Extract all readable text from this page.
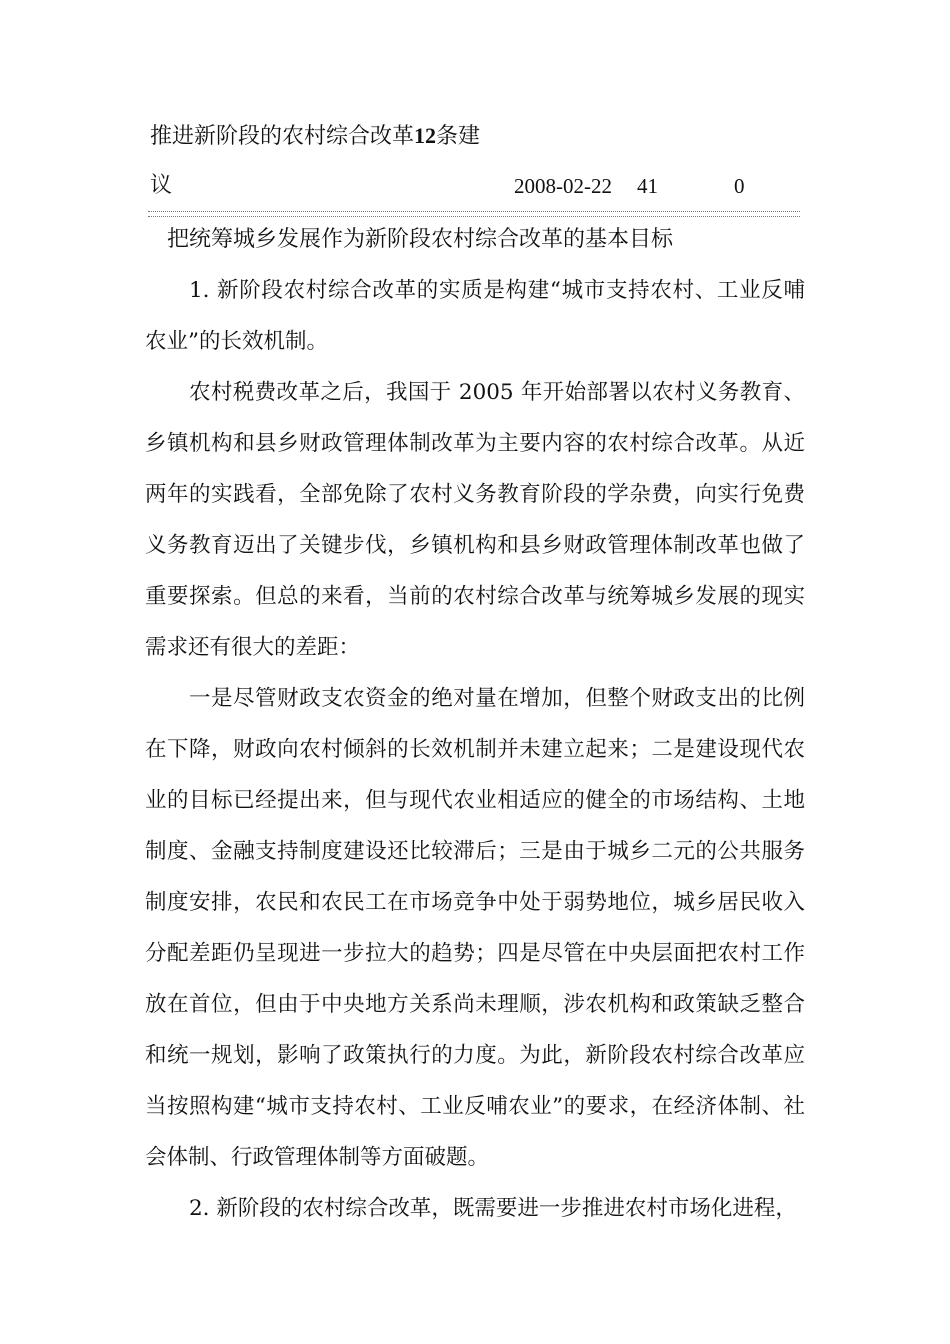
推进新阶段的农村综合改革12条建
议	2008-02-22 41	0
把统筹城乡发展作为新阶段农村综合改革的基本目标

1. 新阶段农村综合改革的实质是构建“城市支持农村、工业反哺农业”的长效机制。

农村税费改革之后，我国于 2005 年开始部署以农村义务教育、乡镇机构和县乡财政管理体制改革为主要内容的农村综合改革。从近两年的实践看，全部免除了农村义务教育阶段的学杂费，向实行免费义务教育迈出了关键步伐，乡镇机构和县乡财政管理体制改革也做了重要探索。但总的来看，当前的农村综合改革与统筹城乡发展的现实需求还有很大的差距：

一是尽管财政支农资金的绝对量在增加，但整个财政支出的比例在下降，财政向农村倾斜的长效机制并未建立起来；二是建设现代农业的目标已经提出来，但与现代农业相适应的健全的市场结构、土地制度、金融支持制度建设还比较滞后；三是由于城乡二元的公共服务制度安排，农民和农民工在市场竞争中处于弱势地位，城乡居民收入分配差距仍呈现进一步拉大的趋势；四是尽管在中央层面把农村工作放在首位，但由于中央地方关系尚未理顺，涉农机构和政策缺乏整合和统一规划，影响了政策执行的力度。为此，新阶段农村综合改革应当按照构建“城市支持农村、工业反哺农业”的要求，在经济体制、社会体制、行政管理体制等方面破题。

2. 新阶段的农村综合改革，既需要进一步推进农村市场化进程，
